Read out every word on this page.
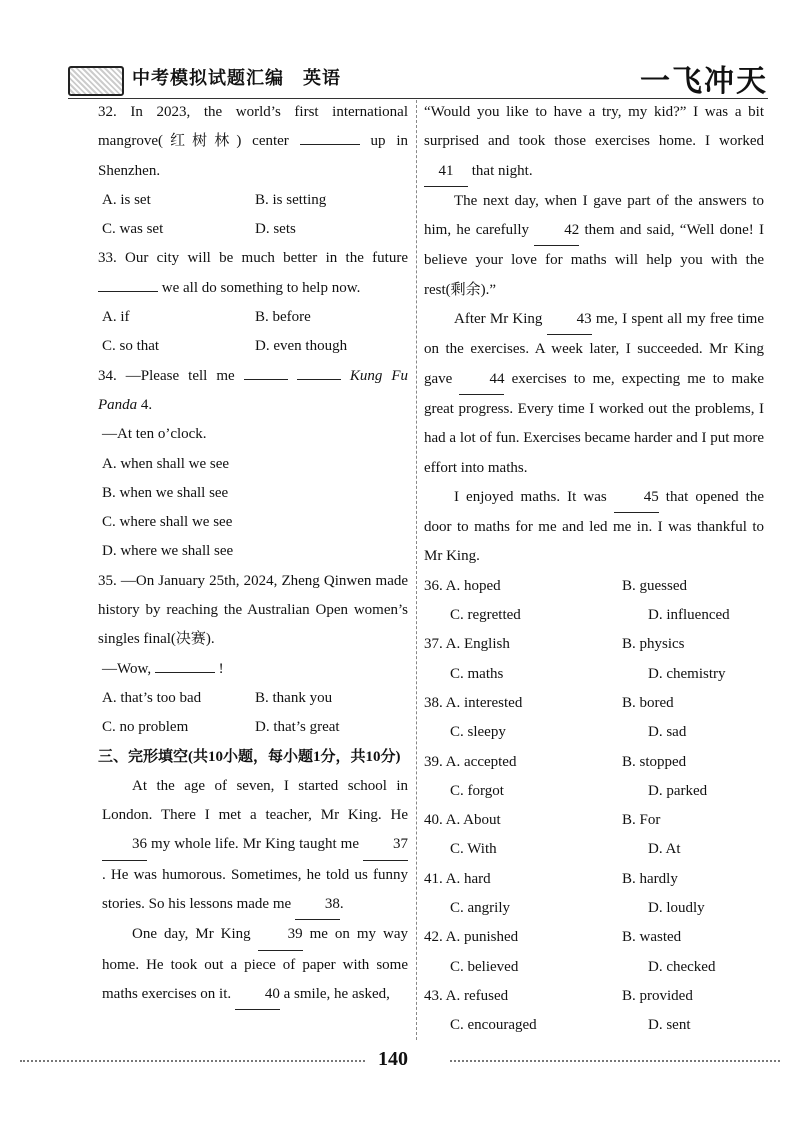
中考模拟试题汇编　英语	一飞冲天

32. In 2023, the world’s first international mangrove(红树林) center	up in Shenzhen.

A. is set	B. is setting
C. was set	D. sets

33. Our city will be much better in the future  we all do something to help now.

A. if	B. before
C. so that	D. even though

34. —Please tell me	Kung Fu Panda 4.

—At ten o’clock.

A. when shall we see

B. when we shall see

C. where shall we see

D. where we shall see

35. —On January 25th, 2024, Zheng Qinwen made history by reaching the Australian Open women’s singles final(决赛).

—Wow,	!

A. that’s too bad	B. thank you
C. no problem	D. that’s great

三、完形填空(共10小题，每小题1分，共10分)

At the age of seven, I started school in London. There I met a teacher, Mr King. He 36 my whole life. Mr King taught me 37. He was humorous. Sometimes, he told us funny stories. So his lessons made me 38.

One day, Mr King 39 me on my way home. He took out a piece of paper with some maths exercises on it. 40 a smile, he asked,

“Would you like to have a try, my kid?” I was a bit surprised and took those exercises home. I worked 41 that night.

The next day, when I gave part of the answers to him, he carefully 42 them and said, “Well done! I believe your love for maths will help you with the rest(剩余).”

After Mr King 43 me, I spent all my free time on the exercises. A week later, I succeeded. Mr King gave 44 exercises to me, expecting me to make great progress. Every time I worked out the problems, I had a lot of fun. Exercises became harder and I put more effort into maths.

I enjoyed maths. It was 45 that opened the door to maths for me and led me in. I was thankful to Mr King.

36. A. hoped	B. guessed
C. regretted	D. influenced
37. A. English	B. physics
C. maths	D. chemistry
38. A. interested	B. bored
C. sleepy	D. sad
39. A. accepted	B. stopped
C. forgot	D. parked
40. A. About	B. For
C. With	D. At
41. A. hard	B. hardly
C. angrily	D. loudly
42. A. punished	B. wasted
C. believed	D. checked
43. A. refused	B. provided
C. encouraged	D. sent
140
